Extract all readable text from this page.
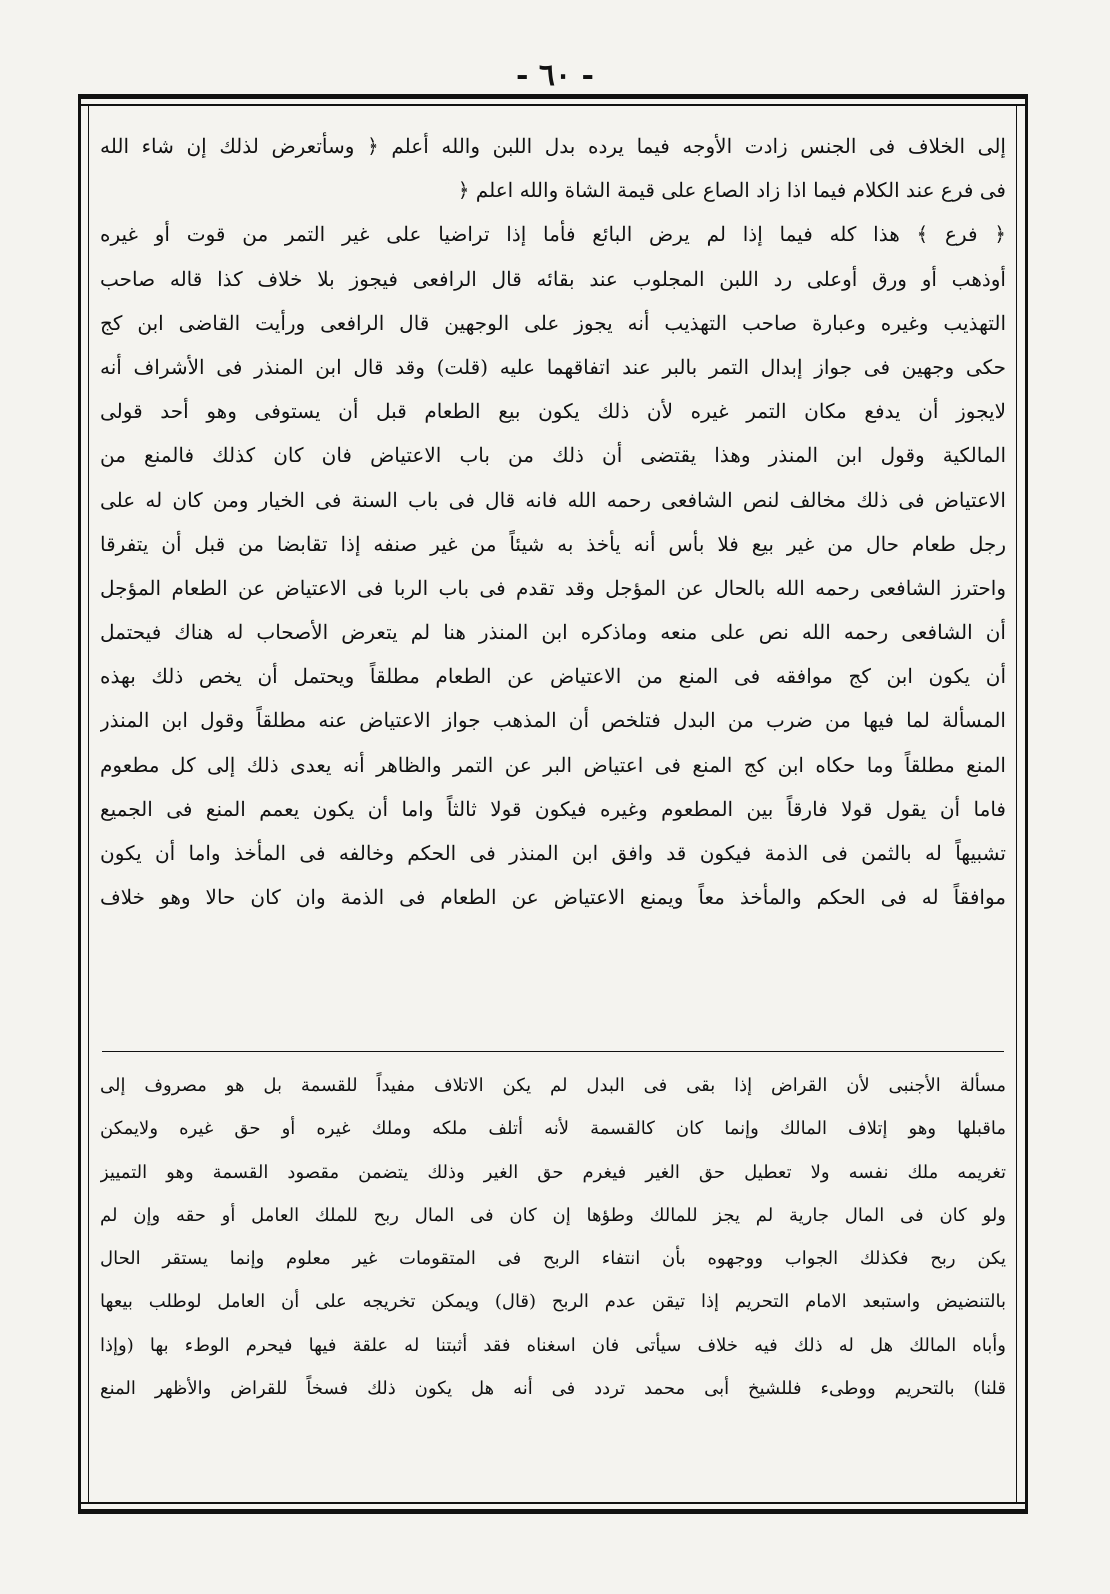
- ٦٠ -
إلى الخلاف فى الجنس زادت الأوجه فيما يرده بدل اللبن والله أعلم ﴿ وسأتعرض لذلك إن شاء الله
فى فرع عند الكلام فيما اذا زاد الصاع على قيمة الشاة والله اعلم ﴿
﴿ فرع ﴾ هذا كله فيما إذا لم يرض البائع فأما إذا تراضيا على غير التمر من قوت أو غيره
أوذهب أو ورق أوعلى رد اللبن المجلوب عند بقائه قال الرافعى فيجوز بلا خلاف كذا قاله صاحب
التهذيب وغيره وعبارة صاحب التهذيب أنه يجوز على الوجهين قال الرافعى ورأيت القاضى ابن كج
حكى وجهين فى جواز إبدال التمر بالبر عند اتفاقهما عليه (قلت) وقد قال ابن المنذر فى الأشراف أنه
لايجوز أن يدفع مكان التمر غيره لأن ذلك يكون بيع الطعام قبل أن يستوفى وهو أحد قولى
المالكية وقول ابن المنذر وهذا يقتضى أن ذلك من باب الاعتياض فان كان كذلك فالمنع من
الاعتياض فى ذلك مخالف لنص الشافعى رحمه الله فانه قال فى باب السنة فى الخيار ومن كان له على
رجل طعام حال من غير بيع فلا بأس أنه يأخذ به شيئاً من غير صنفه إذا تقابضا من قبل أن يتفرقا
واحترز الشافعى رحمه الله بالحال عن المؤجل وقد تقدم فى باب الربا فى الاعتياض عن الطعام المؤجل
أن الشافعى رحمه الله نص على منعه وماذكره ابن المنذر هنا لم يتعرض الأصحاب له هناك فيحتمل
أن يكون ابن كج موافقه فى المنع من الاعتياض عن الطعام مطلقاً ويحتمل أن يخص ذلك بهذه
المسألة لما فيها من ضرب من البدل فتلخص أن المذهب جواز الاعتياض عنه مطلقاً وقول ابن المنذر
المنع مطلقاً وما حكاه ابن كج المنع فى اعتياض البر عن التمر والظاهر أنه يعدى ذلك إلى كل مطعوم
فاما أن يقول قولا فارقاً بين المطعوم وغيره فيكون قولا ثالثاً واما أن يكون يعمم المنع فى الجميع
تشبيهاً له بالثمن فى الذمة فيكون قد وافق ابن المنذر فى الحكم وخالفه فى المأخذ واما أن يكون
موافقاً له فى الحكم والمأخذ معاً ويمنع الاعتياض عن الطعام فى الذمة وان كان حالا وهو خلاف
مسألة الأجنبى لأن القراض إذا بقى فى البدل لم يكن الاتلاف مفيداً للقسمة بل هو مصروف إلى
ماقبلها وهو إتلاف المالك وإنما كان كالقسمة لأنه أتلف ملكه وملك غيره أو حق غيره ولايمكن
تغريمه ملك نفسه ولا تعطيل حق الغير فيغرم حق الغير وذلك يتضمن مقصود القسمة وهو التمييز
ولو كان فى المال جارية لم يجز للمالك وطؤها إن كان فى المال ربح للملك العامل أو حقه وإن لم
يكن ربح فكذلك الجواب ووجهوه بأن انتفاء الربح فى المتقومات غير معلوم وإنما يستقر الحال
بالتنضيض واستبعد الامام التحريم إذا تيقن عدم الربح (قال) ويمكن تخريجه على أن العامل لوطلب بيعها
وأباه المالك هل له ذلك فيه خلاف سيأتى فان اسغناه فقد أثبتنا له علقة فيها فيحرم الوطء بها (وإذا
قلنا) بالتحريم ووطىء فللشيخ أبى محمد تردد فى أنه هل يكون ذلك فسخاً للقراض والأظهر المنع
